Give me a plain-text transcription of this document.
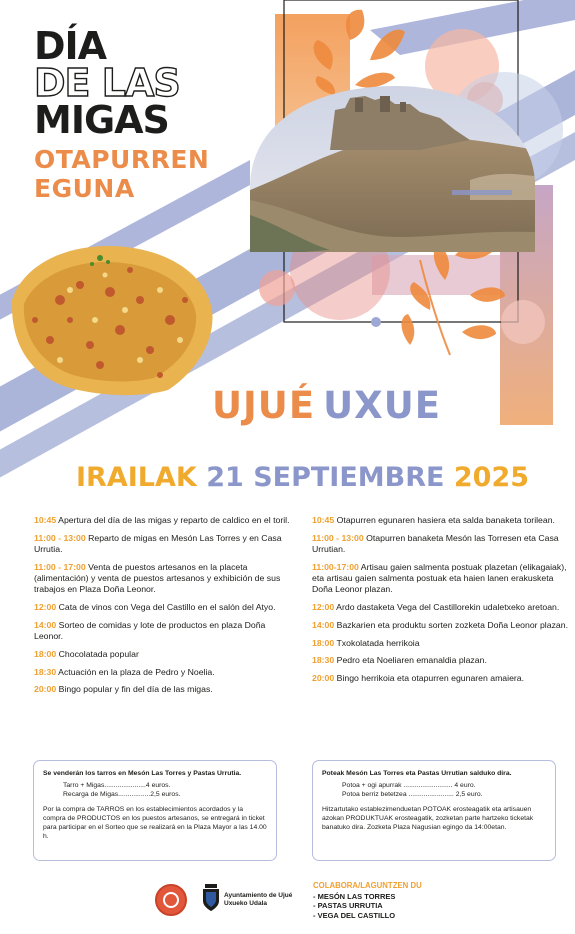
DÍA
DE LAS
MIGAS
OTAPURREN
EGUNA
UJUÉ UXUE
IRAILAK 21 SEPTIEMBRE 2025
10:45 Apertura del día de las migas y reparto de caldico en el toril.
11:00 - 13:00 Reparto de migas en Mesón Las Torres y en Casa Urrutia.
11:00 - 17:00 Venta de puestos artesanos en la placeta (alimentación) y venta de puestos artesanos y exhibición de sus trabajos en Plaza Doña Leonor.
12:00 Cata de vinos con Vega del Castillo en el salón del Atyo.
14:00 Sorteo de comidas y lote de productos en plaza Doña Leonor.
18:00 Chocolatada popular
18:30 Actuación en la plaza de Pedro y Noelia.
20:00 Bingo popular y fin del día de las migas.
10:45 Otapurren egunaren hasiera eta salda banaketa torilean.
11:00 - 13:00 Otapurren banaketa Mesón las Torresen eta Casa Urrutian.
11:00-17:00 Artisau gaien salmenta postuak plazetan (elikagaiak), eta artisau gaien salmenta postuak eta haien lanen erakusketa Doña Leonor plazan.
12:00 Ardo dastaketa Vega del Castillorekin udaletxeko aretoan.
14:00 Bazkarien eta produktu sorten zozketa Doña Leonor plazan.
18:00 Txokolatada herrikoia
18:30 Pedro eta Noeliaren emanaldia plazan.
20:00 Bingo herrikoia eta otapurren egunaren amaiera.
Se venderán los tarros en Mesón Las Torres y Pastas Urrutia.
Tarro + Migas......................4 euros.
Recarga de Migas.................2,5 euros.
Por la compra de TARROS en los establecimientos acordados y la compra de PRODUCTOS en los puestos artesanos, se entregará in ticket para participar en el Sorteo que se realizará en la Plaza Mayor a las 14.00 h.
Poteak Mesón Las Torres eta Pastas Urrutian salduko dira.
Potoa + ogi apurrak .......................... 4 euro.
Potoa berriz betetzea ........................ 2,5 euro.
Hitzartutako establezimenduetan POTOAK erosteagatik eta artisauen azokan PRODUKTUAK erosteagatik, zozketan parte hartzeko ticketak banatuko dira. Zozketa Plaza Nagusian egingo da 14:00etan.
Ayuntamiento de Ujué
Uxueko Udala
COLABORA/LAGUNTZEN DU
- MESÓN LAS TORRES
- PASTAS URRUTIA
- VEGA DEL CASTILLO
